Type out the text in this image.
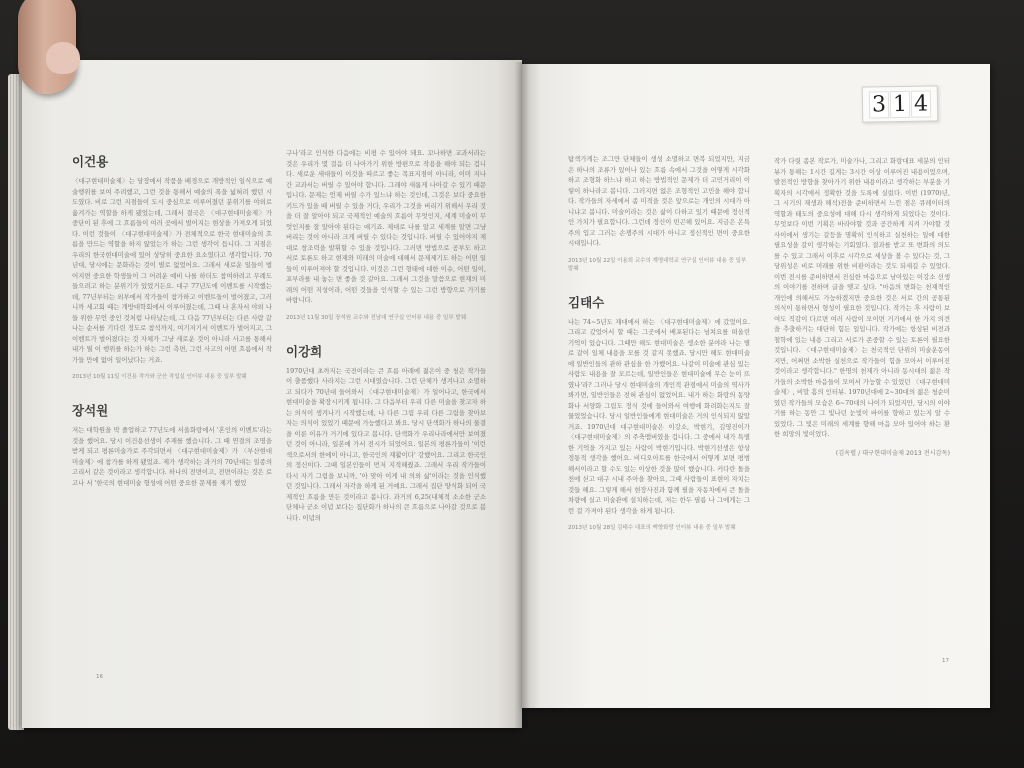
이건용

〈대구현대미술제〉는 당장에서 작품을 배경으로 개방적인 일식으로 예술행위를 보여 주려했고, 그런 것을 통해서 예술의 폭을 넓혀려 했던 시도였다. 비로 그런 지점들이 도시 중심으로 이루어졌던 분위기를 야외로 옮겨가는 역할을 하게 됐었는데, 그래서 결국은 〈대구현대미술제〉가 중단이 된 후에 그 흐름들이 여러 곳에서 벌어지는 현상을 가져오게 되었다. 이런 것들이 〈대구현대미술제〉가 전체적으로 한국 현대미술의 흐름을 만드는 역할을 하지 않았는가 하는 그런 생각이 듭니다. 그 지점은 우리의 한국현대미술에 있어 상당히 중요한 요소였다고 생각합니다. 70년대, 당시에는 문화라는 것이 별로 없었어요. 그래서 새로운 일들이 벌어지면 중요한 학생들이 그 어려운 예비 나를 하더도 참여하려고 무례도 들으려고 하는 분위기가 있었거든요. 대구 77년도에 이벤트를 시작했는데, 77년부터는 외부에서 작가들이 참가하고 이벤트들이 벌어졌고, 그러니까 세고회 때는 개방대학회에서 이루어졌는데, 그때 나 혼자서 야외 나들 위한 무언 중인 것처럼 나타났는데, 그 다음 77년부터는 다른 사람 같나는 순서를 기다린 정도로 참석까지, 여기저기서 이벤트가 벌어지고, 그 이벤트가 벌어졌다는 것 자체가 그냥 새로운 것이 아니라 사고를 통해서 내가 뭘 이 행위를 하는가 하는 그런 측면, 그런 사고의 어떤 흐름에서 작가들 만에 없어 일어났다는 거죠.

2013년 10월 11일 이건용 작가와 군산 작업실 인터뷰 내용 중 일부 발췌

장석원

저는 대학원을 막 졸업하고 77년도에 서울화랑에서 '혼인의 이벤트'라는 것을 했어요. 당시 이건용선생이 주재를 했습니다. 그 때 연결의 조명을 받게 되고 평론미술가로 주각되면서 〈대구현대미술제〉가 〈부산현대미술제〉에 참가를 하게 됐었죠. 제가 생각하는 과거의 70년대는 일종의 고리서 같은 것이라고 생각합니다. 하나의 전면이고, 전면이라는 것은 로고나 서 '한국의 현대미술 형성에 어떤 중요한 문제를 제기 했었

구나'라고 인식한 다음에는 비평 수 있어야 돼요. 꼬나하면 교과서라는 것은 우리가 몇 걸음 더 나아가기 위한 방편으로 작용을 해야 되는 겁니다. 새로운 세대들이 이것을 따르고 좋는 목표지점이 아니라, 이미 지나간 교과서는 버릴 수 있어야 합니다. 그래야 새롭게 나아갈 수 있기 때문입니다. 문제는 언제 버릴 수가 있느냐 하는 것인데, 그것은 보다 중요한 키드가 있을 때 버릴 수 있을 거다, 우리가 그것을 버리기 위해서 우리 것을 더 잘 알아야 되고 국제적인 예술의 흐름이 무엇인지, 세계 미술이 무엇인지를 잘 알아야 된다는 얘기죠. 제대로 나를 알고 세계를 알면 그냥 버리는 것이 아니라 크게 버릴 수 있다는 것입니다. 버릴 수 있어야지 제대로 창조력을 발휘할 수 있을 것입니다. 그러면 방법으로 공부도 하고 서로 토론도 하고 현재와 미래의 미술에 대해서 문제제기도 하는 어떤 일들이 이루어져야 할 것입니다. 이것은 그런 형태에 대한 이슈, 어떤 일이, 포부라를 내 놓는 면 좋을 것 같아요. 그래서 그것을 말씀으로 현재의 미래의 어떤 지성이라, 어떤 것들을 인식할 수 있는 그런 방향으로 가기를 바랍니다.

2013년 11월 30일 장석원 교수와 전남대 연구실 인터뷰 내용 중 일부 발췌

이강희

1970년대 초까지는 국전이라는 큰 흐름 아래에 젊은이 중 청은 작가들이 출품했다 사라지는 그런 시대였습니다. 그런 단체가 생겨나고 소멸하고 되다가 70년대 들어와서 〈대구현대미술제〉가 일어나고, 한국에서 현대미술을 확장시키게 됩니다. 그 다음부터 우리 다른 미술을 찾고자 하는 의식이 생겨나기 시작했는데, 나 다른 그림 우리 다른 그림을 찾아보자는 의식이 있었기 때문에 가능했다고 봐요. 당시 단색화가 하나의 물결을 이룬 이유가 거기에 있다고 봅니다. 단색화가 우리나라에서만 보여졌던 것이 아니라, 일본에 가서 전시가 되었어요. 일본의 평론가들이 '이런 색으로서의 한에이 아니고, 한국인의 재활이다' 강했어요. 그리고 한국인의 정신이다. 그때 일본인들이 먼저 지적해줬죠. 그래서 우리 작가들이 다시 자기 그림을 보니까, '아 맞아 이게 내 의외 삶'이라는 것을 인식했던 것입니다. 그래서 자각을 하게 된 거예요. 그래서 집단 양식화 되어 국제적인 흐름을 만든 것이라고 봅니다. 과거의 6,25(내체적 소소한 군소 단체나 군소 이념 보다는 집단화가 하나의 큰 흐름으로 나아갈 것으로 봅니다. 이념의

탐색가게는 조그만 단체들이 생성 소멸하고 면복 되었지만, 지금은 하나의 조류가 있어나 있는 흐름 속에서 그것을 어떻게 시각화 하고 조형화 하느냐 하고 하는 방법적인 문제가 더 고민거리이 이렇이 하나라고 봅니다. 그러지면 없은 조형적인 고민을 해야 합니다. 작가들의 자세에서 좀 미적을 것은 앞으로는 개인의 시대가 아니냐고 봅니다. 미술이라는 것은 삶이 다하고 있기 때문에 정신적인 가치가 필요합니다. 그런데 정신이 빈곤해 있어요. 지금은 온특주의 입고 그러는 손쟁주의 시대가 아니고 정신적인 면이 중요한 시대입니다.

2013년 10월 22일 이용희 교수의 계명대학교 연구실 인터뷰 내용 중 일부 발췌

김태수

나는 74~5년도 재대에서 하는 〈대구현대미술제〉에 갔었어요. 그리고 갔었어서 할 때는 그곳에서 배포된다는 넘쳐요를 떠올린 기억이 있습니다. 그때만 해도 현대미술은 생소한 분야라 나는 별로 같이 일체 내용을 모를 것 같지 못했죠. 당시만 해도 현대미술에 일반인들의 관하 관심을 한 가했어요. 나같이 미술에 관심 있는 사람도 내용을 잘 모르는데, 일반인들은 현대미술에 무슨 눈이 뜨였나'라? 그러나 당시 현대미술의 개인적 관점에서 미술의 역사가 봐가면, 일반인들은 전혀 관심이 없었어요. 내가 하는 화랑의 동양화나 서양화 그림도 정식 것에 들어와서 여행에 화려화는지도 잘 물었었습니다. 당시 일반인들에게 현대미술은 거의 인식되지 않았거죠. 1970년대 대구현대미술은 이강소, 박현기, 김영진이가 〈대구현대미술제〉의 주축멤버였을 겁니다. 그 중에서 내가 특별한 기억을 가지고 있는 사람이 박현기입니다. 박현기선생은 항상 정통적 생각을 했어요. 비디오아트를 한국에서 어떻게 보면 평범해서이라고 할 수도 있는 이상한 것을 많이 했습니다. 커다란 돌을 천에 싣고 대구 시내 주아을 찾아요, 그때 사람들이 표현이 자치는 것들 해요. 그렇게 해서 현장사진과 함께 필을 자동차에서 큰 돌을 차량에 실고 미술관에 설치하는데, 저는 한두 필름 나 그에게는 그런 걸 가져야 된다 생각을 하게 됩니다.

2013년 10월 28일 김태수 대표의 맥향화랑 인터뷰 내용 중 일부 발췌

작가 다릿 좀본 작로가, 미술가나, 그리고 화랑대표 세분의 인터뷰가 통해는 1시간 길게는 3시간 이상 이루어진 내용이었으며, 발전적인 방향을 찾아가기 위한 내용이라고 생각하는 부분을 기획자의 시각에서 정확한 것을 도록에 실렀다. 이번 (1970)년, 그 시기의 재생과 해석)전을 준비하면서 느낀 점은 큐레이터의 역할과 태도의 중요성에 대해 다시 생각하게 되었다는 것이다. 무엇보다 이번 기획은 바라야할 것과 공간하게 지켜 가야할 것 사이에서 생기는 갈등을 명확히 인식하고 실천하는 일에 대한 필요성을 갈이 생각하는 기회였다. 결과를 받고 또 변화의 의도를 수 있고 그래서 이후로 시각으로 세상을 볼 수 있다는 것, 그 당위성은 비로 미래를 위한 비판이라는 것도 되새길 수 있었다. 이번 전시를 준비하면서 진심한 마음으로 남아있는 이강소 선생의 이야기를 전하며 글을 맺고 싶다. "마음의 변화는 천재적인 개인에 의해서도 가능하겠지만 중요한 것은 서로 간의 공통된 의식이 통하면서 형성이 필요한 것입니다. 작가는 후 사람이 보여도 직감이 다르면 여러 사람이 모이면 거기에서 한 가지 의견을 추출하거는 대단히 힘든 일입니다. 작가에는 항상된 비전과 철학에 있는 내용 그리고 서로가 존중할 수 있는 토론이 필요한 것입니다. 〈대구현대미술제〉는 천국적인 단위의 미술운동이지만, 어쩌면 소박한 실천으로 작가들이 힘을 모아서 이루어진 것이라고 생각합니다." 한명의 천재가 아니라 동시대의 젊은 작가들의 소박한 마음들이 모여서 가능할 수 있었던 〈대구현대미술제〉, 비말 흠의 인터뷰. 1970년대에 2~30대의 젊은 청순미였던 작가들의 모습은 6~70대의 나이가 되었지만, 당시의 이야기를 하는 동안 그 빛나던 눈빛이 바이를 향하고 있는지 알 수 있었다. 그 빛은 미래의 세계를 향해 마음 모아 있어야 하는 환한 희망의 빛이었다.

(김옥렬 / 대구현대미술제 2013 전시감독)
16
17
3 1 4
